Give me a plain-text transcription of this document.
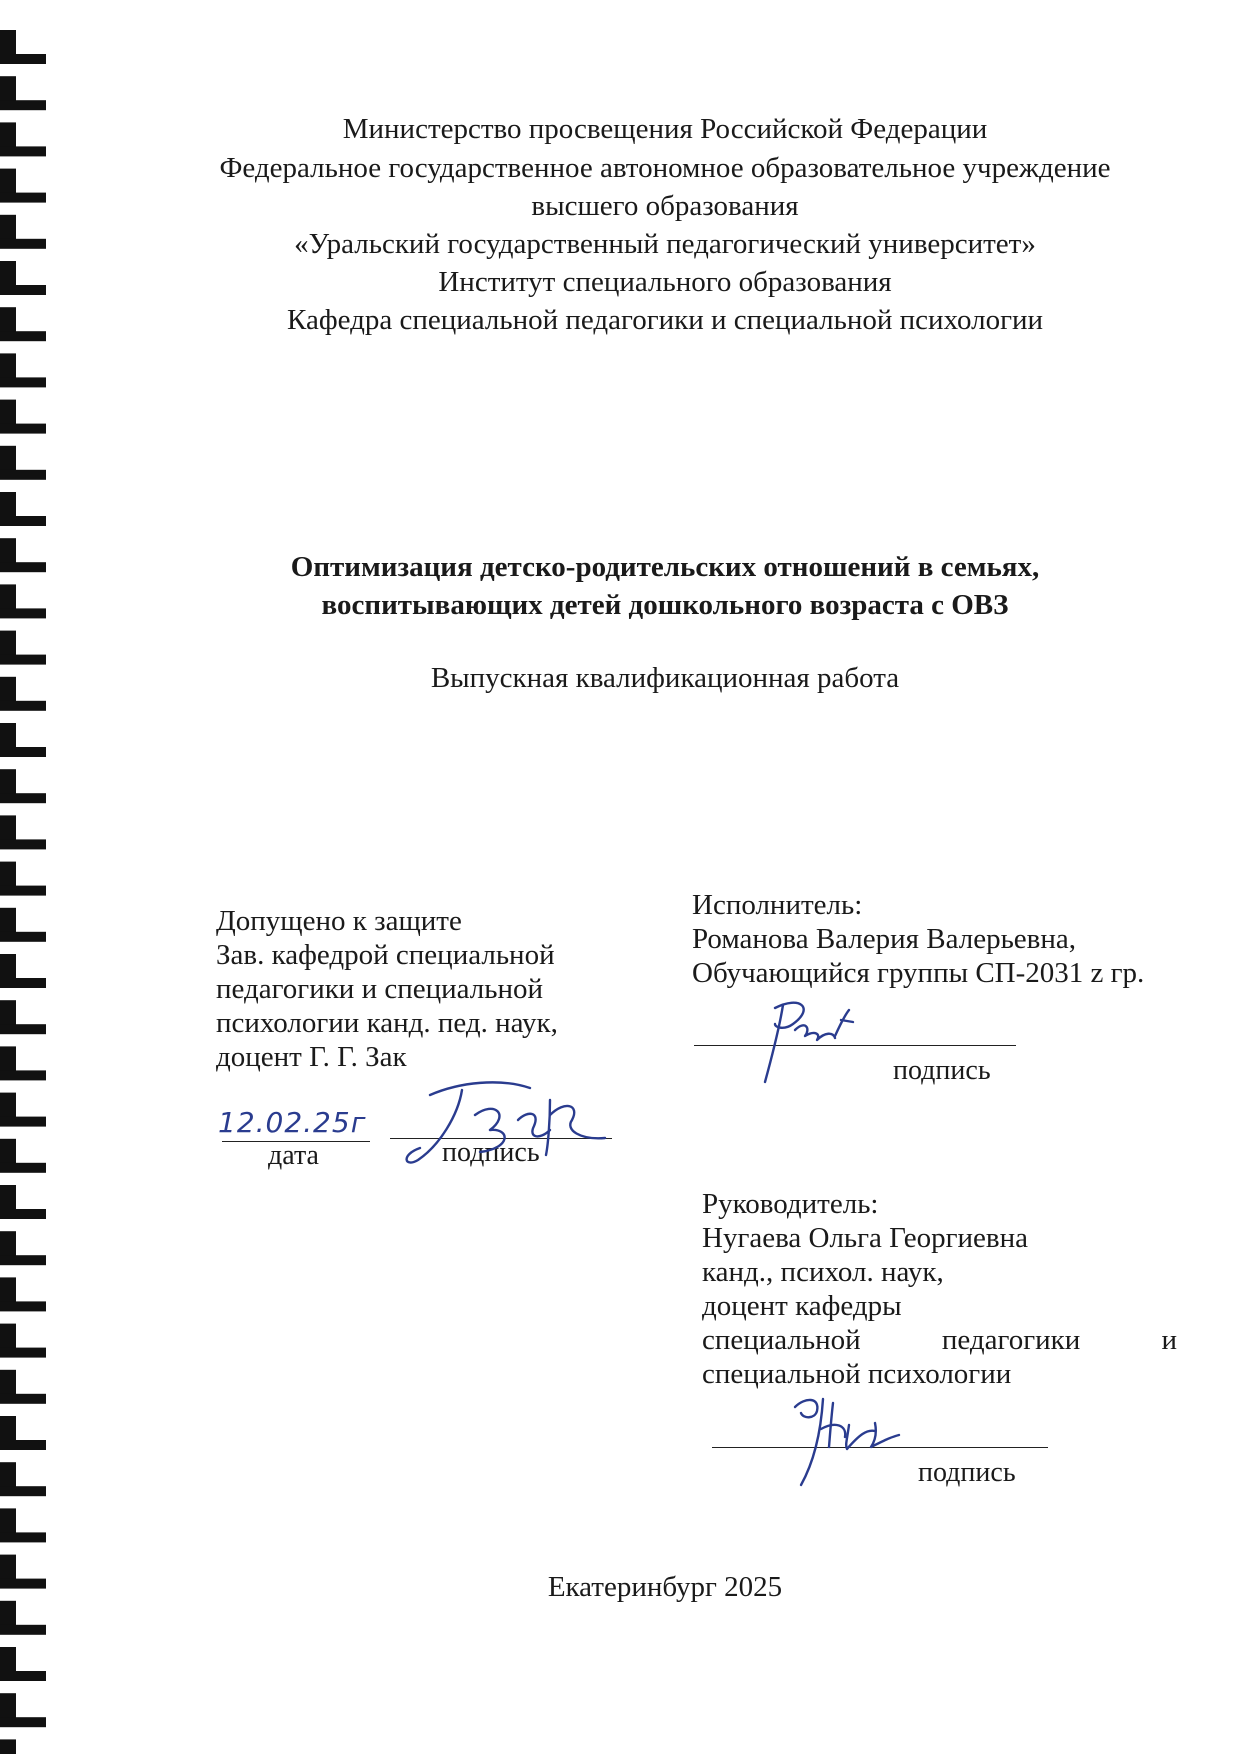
Министерство просвещения Российской Федерации
Федеральное государственное автономное образовательное учреждение
высшего образования
«Уральский государственный педагогический университет»
Институт специального образования
Кафедра специальной педагогики и специальной психологии
Оптимизация детско-родительских отношений в семьях,
воспитывающих детей дошкольного возраста с ОВЗ
Выпускная квалификационная работа
Допущено к защите
Зав. кафедрой специальной
педагогики и специальной
психологии канд. пед. наук,
доцент Г. Г. Зак
12.02.25г
дата	подпись
Исполнитель:
Романова Валерия Валерьевна,
Обучающийся группы СП-2031 z гр.
подпись
Руководитель:
Нугаева Ольга Георгиевна
канд., психол. наук,
доцент кафедры
специальной	педагогики	и
специальной психологии
подпись
Екатеринбург 2025
